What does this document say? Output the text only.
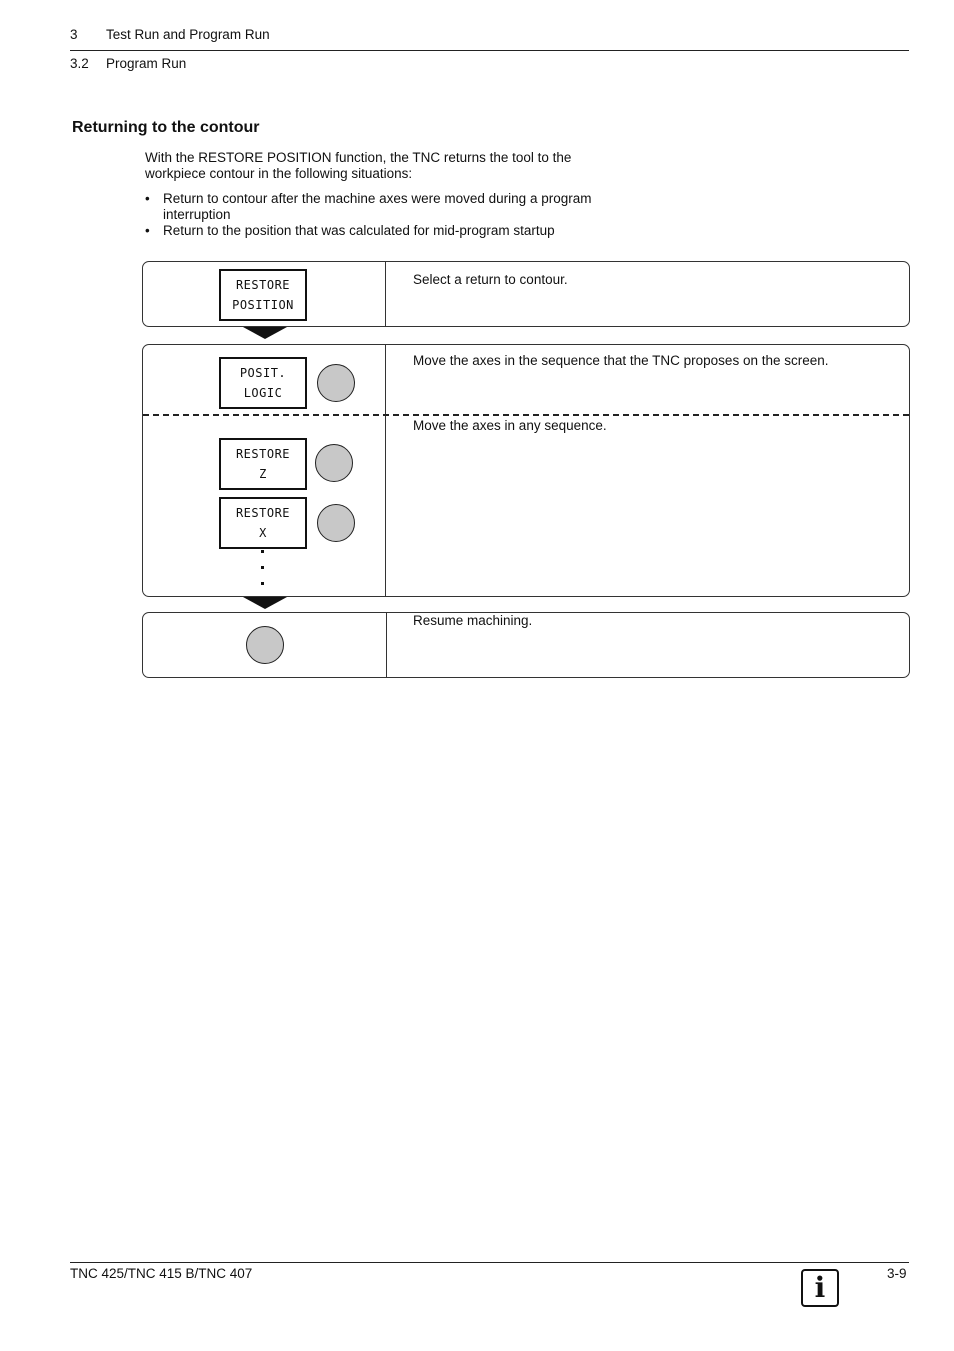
3 Test Run and Program Run
3.2 Program Run
Returning to the contour
With the RESTORE POSITION function, the TNC returns the tool to the workpiece contour in the following situations:
• Return to contour after the machine axes were moved during a program interruption
• Return to the position that was calculated for mid-program startup
RESTORE
POSITION
Select a return to contour.
POSIT.
LOGIC
Move the axes in the sequence that the TNC proposes on the screen.
Move the axes in any sequence.
RESTORE
Z
RESTORE
X
Resume machining.
TNC 425/TNC 415 B/TNC 407	i	3-9
